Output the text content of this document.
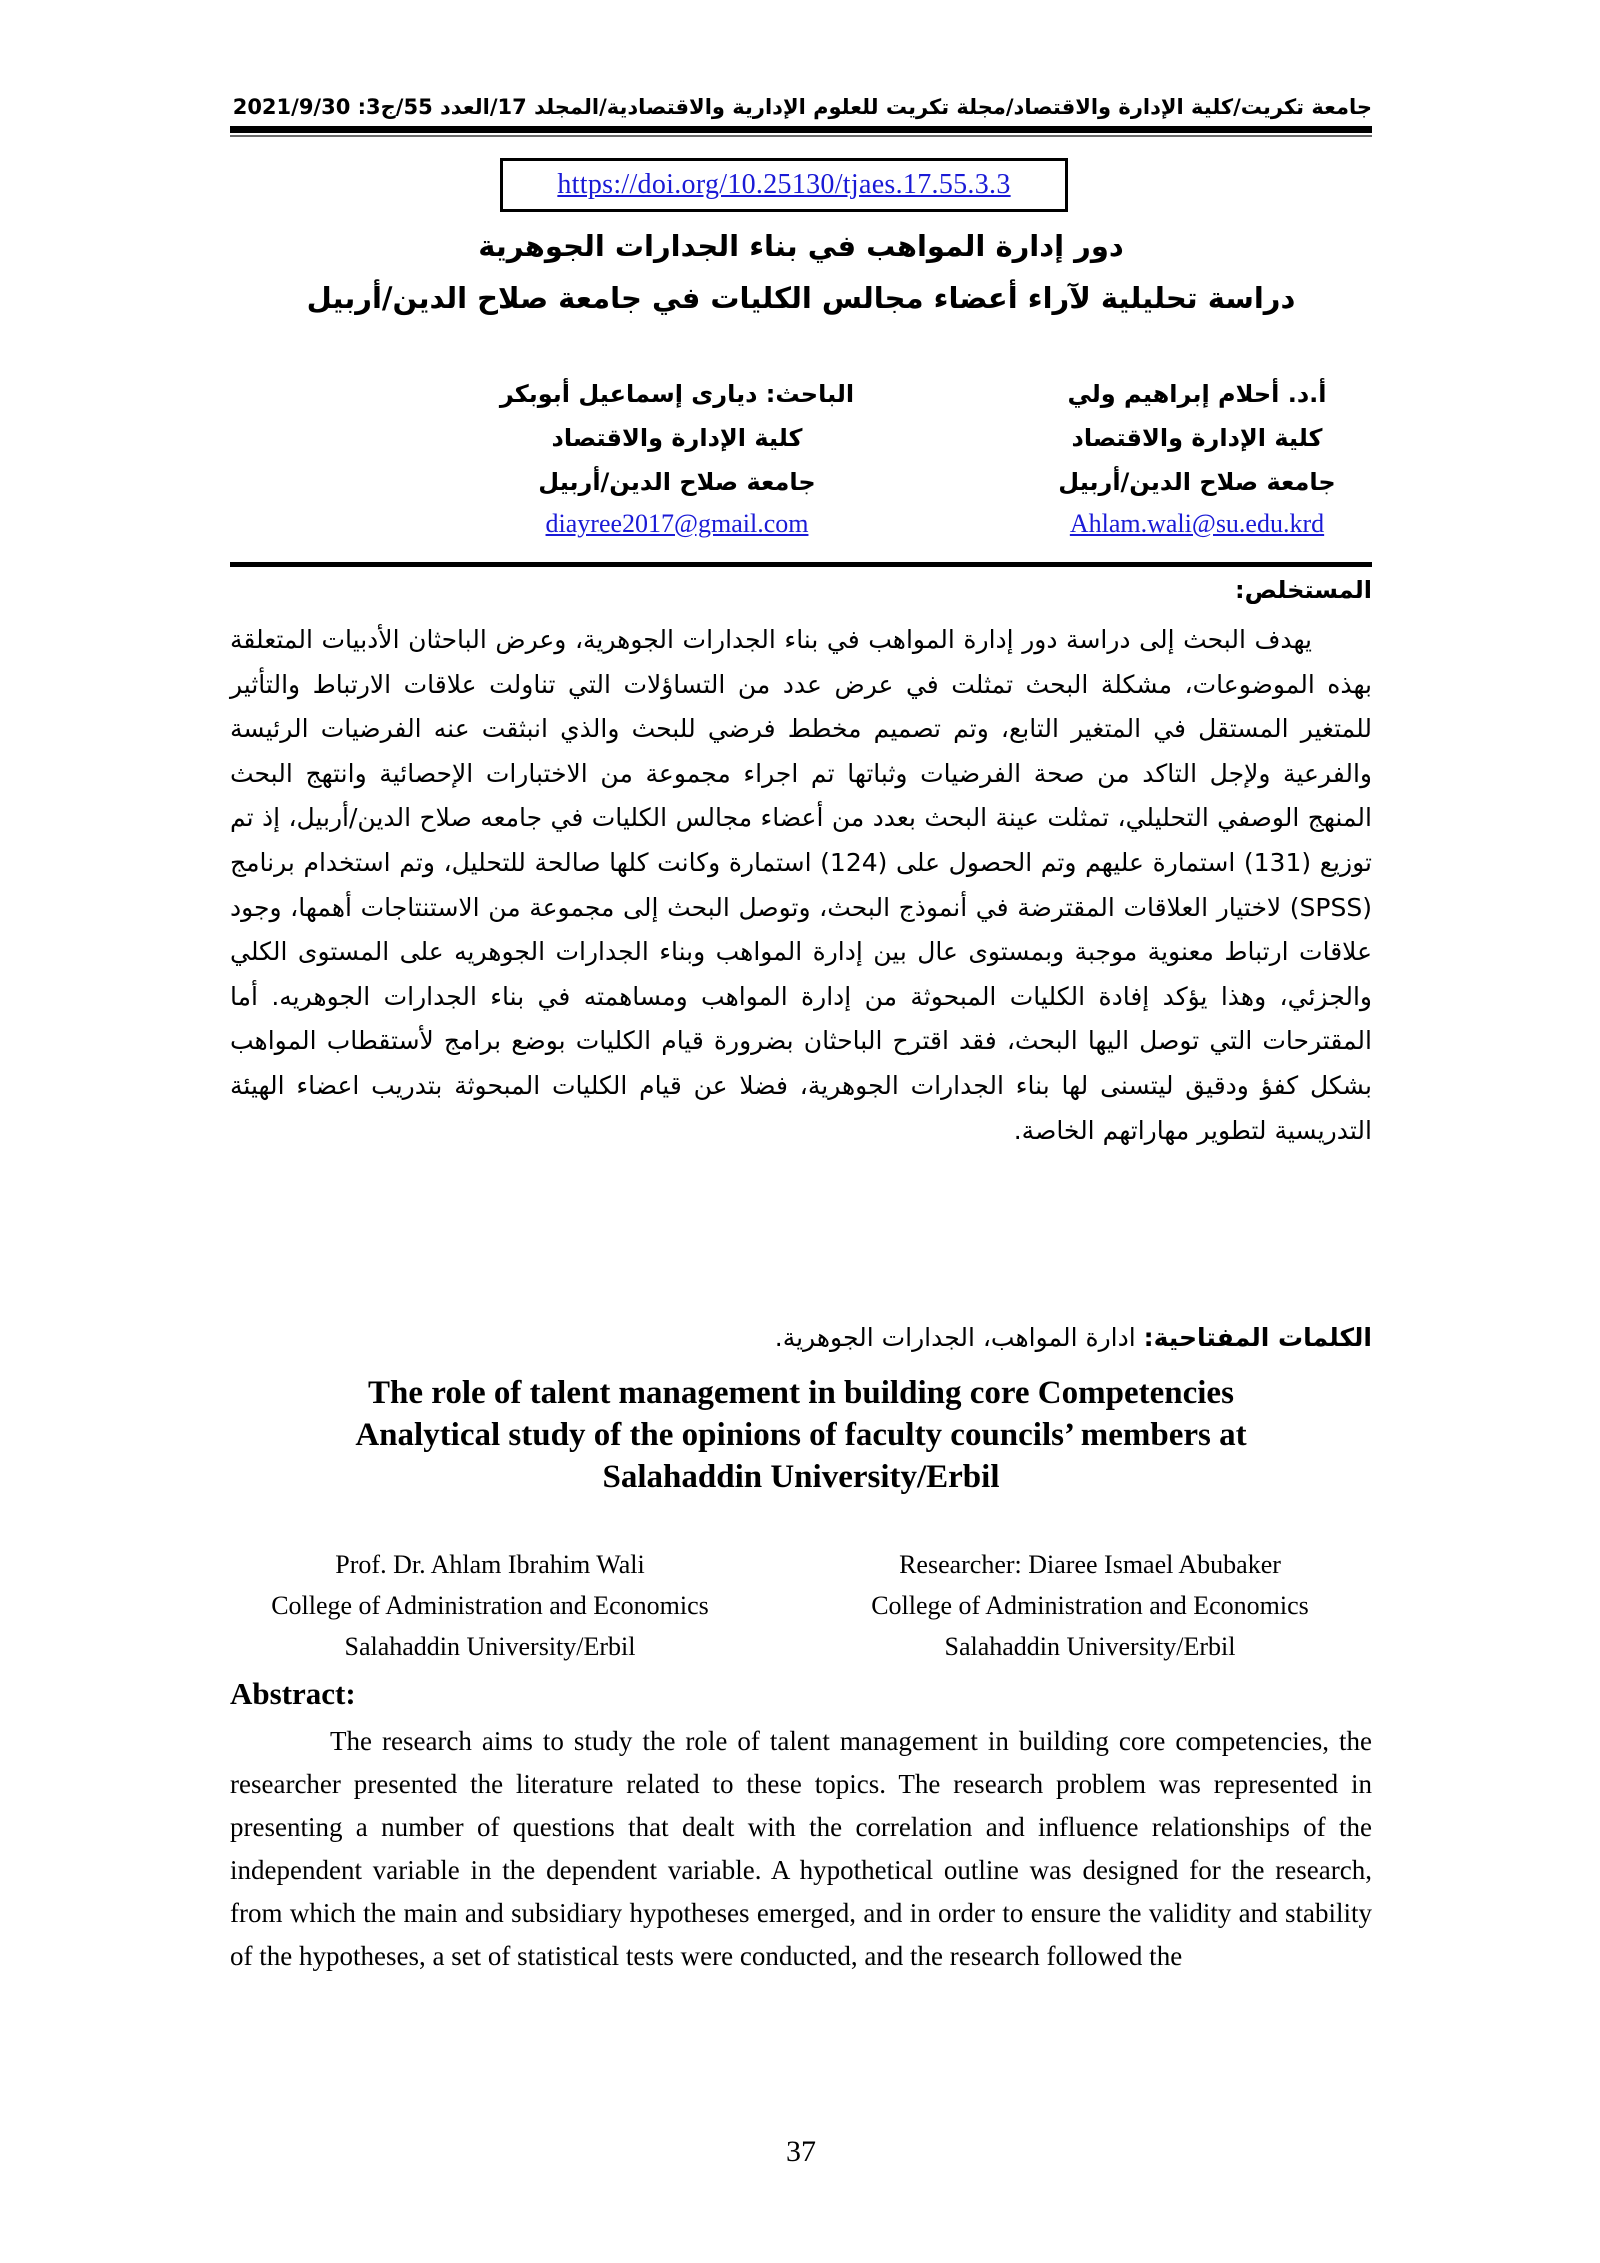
جامعة تكريت/كلية الإدارة والاقتصاد/مجلة تكريت للعلوم الإدارية والاقتصادية/المجلد 17/العدد 55/ج3: 2021/9/30
https://doi.org/10.25130/tjaes.17.55.3.3
دور إدارة المواهب في بناء الجدارات الجوهرية
دراسة تحليلية لآراء أعضاء مجالس الكليات في جامعة صلاح الدين/أربيل
أ.د. أحلام إبراهيم ولي
كلية الإدارة والاقتصاد
جامعة صلاح الدين/أربيل
Ahlam.wali@su.edu.krd
الباحث: ديارى إسماعيل أبوبكر
كلية الإدارة والاقتصاد
جامعة صلاح الدين/أربيل
diayree2017@gmail.com
المستخلص:

يهدف البحث إلى دراسة دور إدارة المواهب في بناء الجدارات الجوهرية، وعرض الباحثان الأدبيات المتعلقة بهذه الموضوعات، مشكلة البحث تمثلت في عرض عدد من التساؤلات التي تناولت علاقات الارتباط والتأثير للمتغير المستقل في المتغير التابع، وتم تصميم مخطط فرضي للبحث والذي انبثقت عنه الفرضيات الرئيسة والفرعية ولإجل التاكد من صحة الفرضيات وثباتها تم اجراء مجموعة من الاختبارات الإحصائية وانتهج البحث المنهج الوصفي التحليلي، تمثلت عينة البحث بعدد من أعضاء مجالس الكليات في جامعه صلاح الدين/أربيل، إذ تم توزيع (131) استمارة عليهم وتم الحصول على (124) استمارة وكانت كلها صالحة للتحليل، وتم استخدام برنامج (SPSS) لاختيار العلاقات المقترضة في أنموذج البحث، وتوصل البحث إلى مجموعة من الاستنتاجات أهمها، وجود علاقات ارتباط معنوية موجبة وبمستوى عال بين إدارة المواهب وبناء الجدارات الجوهريه على المستوى الكلي والجزئي، وهذا يؤكد إفادة الكليات المبحوثة من إدارة المواهب ومساهمته في بناء الجدارات الجوهريه. أما المقترحات التي توصل اليها البحث، فقد اقترح الباحثان بضرورة قيام الكليات بوضع برامج لأستقطاب المواهب بشكل كفؤ ودقيق ليتسنى لها بناء الجدارات الجوهرية، فضلا عن قيام الكليات المبحوثة بتدريب اعضاء الهيئة التدريسية لتطوير مهاراتهم الخاصة.

الكلمات المفتاحية: ادارة المواهب، الجدارات الجوهرية.
The role of talent management in building core Competencies
Analytical study of the opinions of faculty councils’ members at
Salahaddin University/Erbil
Prof. Dr. Ahlam Ibrahim Wali
College of Administration and Economics
Salahaddin University/Erbil
Researcher: Diaree Ismael Abubaker
College of Administration and Economics
Salahaddin University/Erbil
Abstract:

The research aims to study the role of talent management in building core competencies, the researcher presented the literature related to these topics. The research problem was represented in presenting a number of questions that dealt with the correlation and influence relationships of the independent variable in the dependent variable. A hypothetical outline was designed for the research, from which the main and subsidiary hypotheses emerged, and in order to ensure the validity and stability of the hypotheses, a set of statistical tests were conducted, and the research followed the

37
